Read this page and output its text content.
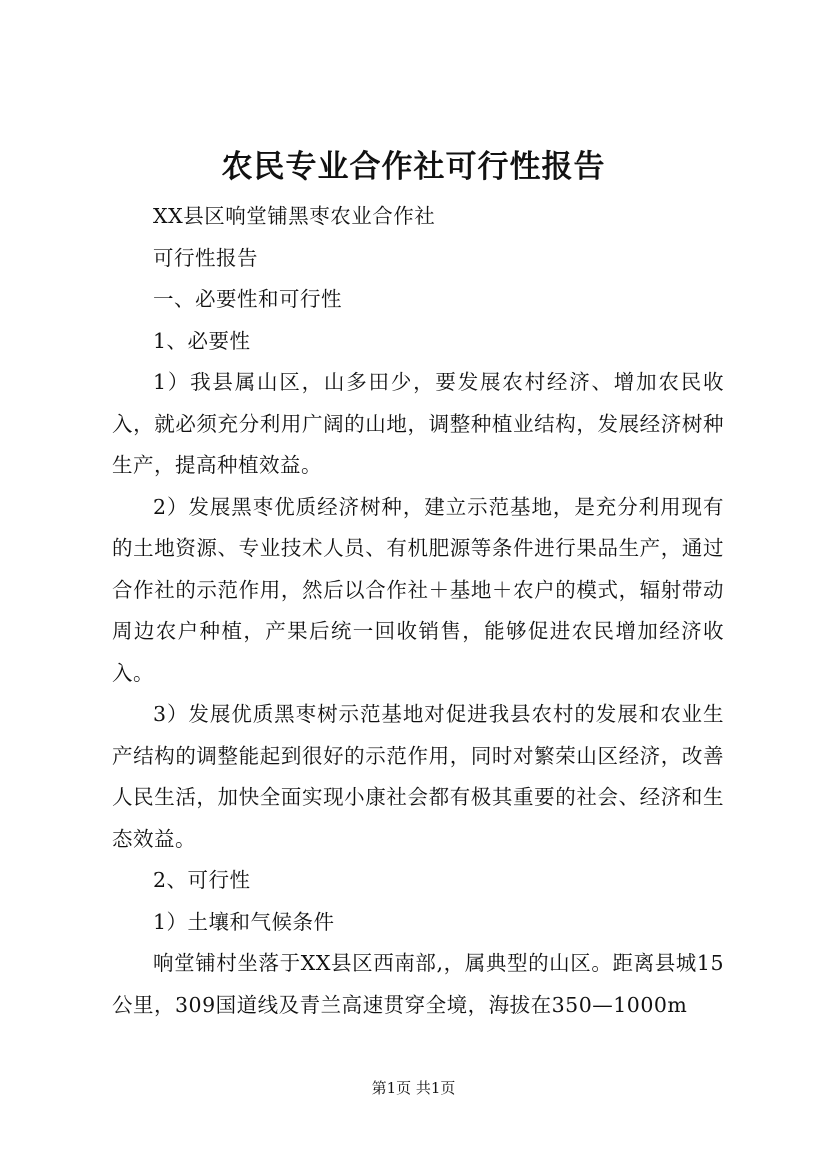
农民专业合作社可行性报告

XX县区响堂铺黑枣农业合作社

可行性报告

一、必要性和可行性

1、必要性

1）我县属山区，山多田少，要发展农村经济、增加农民收入，就必须充分利用广阔的山地，调整种植业结构，发展经济树种生产，提高种植效益。

2）发展黑枣优质经济树种，建立示范基地，是充分利用现有的土地资源、专业技术人员、有机肥源等条件进行果品生产，通过合作社的示范作用，然后以合作社＋基地＋农户的模式，辐射带动周边农户种植，产果后统一回收销售，能够促进农民增加经济收入。

3）发展优质黑枣树示范基地对促进我县农村的发展和农业生产结构的调整能起到很好的示范作用，同时对繁荣山区经济，改善人民生活，加快全面实现小康社会都有极其重要的社会、经济和生态效益。

2、可行性

1）土壤和气候条件

响堂铺村坐落于XX县区西南部,，属典型的山区。距离县城15公里，309国道线及青兰高速贯穿全境，海拔在350—1000m

第1页 共1页
